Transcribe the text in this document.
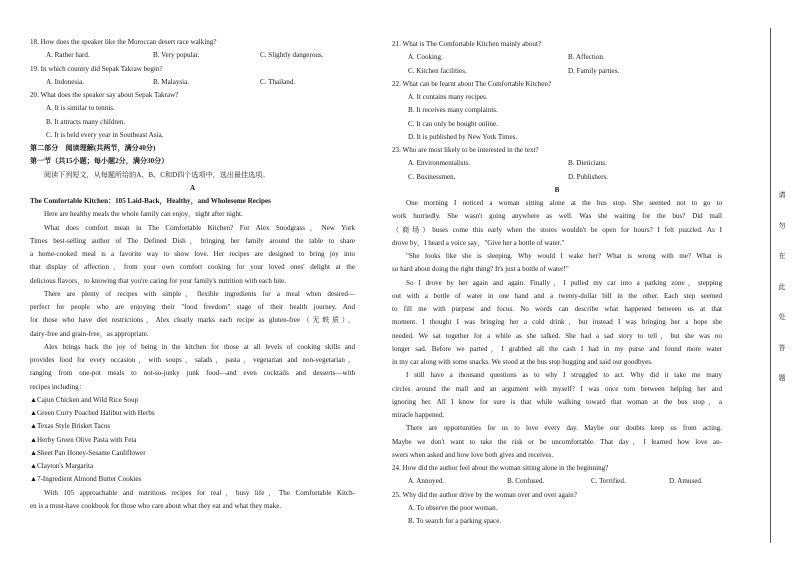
18. How does the speaker like the Moroccan desert race walking?
A. Rather hard.	B. Very popular.	C. Slightly dangerous.
19. In which country did Sepak Takraw begin?
A. Indonesia.	B. Malaysia.	C. Thailand.
20. What does the speaker say about Sepak Takraw?
A. It is similar to tennis.
B. It attracts many children.
C. It is held every year in Southeast Asia.
第二部分　阅读理解(共两节，满分40分)
第一节（共15小题；每小题2分，满分30分）
阅读下列短文，从每题所给的A、B、C和D四个选项中，选出最佳选项。
A
The Comfortable Kitchen：105 Laid-Back，Healthy，and Wholesome Recipes
Here are healthy meals the whole family can enjoy，night after night.
What does comfort mean in The Comfortable Kitchen? For Alex Snodgrass，New York
Times best-selling author of The Defined Dish，bringing her family around the table to share
a home-cooked meal is a favorite way to show love. Her recipes are designed to bring joy into
that display of affection，from your own comfort cooking for your loved ones' delight at the
delicious flavors，to knowing that you're caring for your family's nutrition with each bite.
There are plenty of recipes with simple，flexible ingredients for a meal when desired—
perfect for people who are enjoying their "food freedom" stage of their health journey. And
for those who have diet restrictions，Alex clearly marks each recipe as gluten-free（无麸质），
dairy-free and grain-free，as appropriate.
Alex brings back the joy of being in the kitchen for those at all levels of cooking skills and
provides food for every occasion，with soups，salads，pasta，vegetarian and non-vegetarian，
ranging from one-pot meals to not-so-junky junk food—and even cocktails and desserts—with
recipes including：
▲Cajun Chicken and Wild Rice Soup
▲Green Curry Poached Halibut with Herbs
▲Texas Style Brisket Tacos
▲Herby Green Olive Pasta with Feta
▲Sheet Pan Honey-Sesame Cauliflower
▲Clayton's Margarita
▲7-Ingredient Almond Butter Cookies
With 105 approachable and nutritious recipes for real，busy life，The Comfortable Kitch-
en is a must-have cookbook for those who care about what they eat and what they make.
21. What is The Comfortable Kitchen mainly about?
A. Cooking.	B. Affection.
C. Kitchen facilities.	D. Family parties.
22. What can be learnt about The Comfortable Kitchen?
A. It contains many recipes.
B. It receives many complaints.
C. It can only be bought online.
D. It is published by New York Times.
23. Who are most likely to be interested in the text?
A. Environmentalists.	B. Dieticians.
C. Businessmen.	D. Publishers.
B
One morning I noticed a woman sitting alone at the bus stop. She seemed not to go to
work hurriedly. She wasn't going anywhere as well. Was she waiting for the bus? Did mall
（商场）buses come this early when the stores wouldn't be open for hours? I felt puzzled. As I
drove by，I heard a voice say，"Give her a bottle of water."
"She looks like she is sleeping. Why would I wake her? What is wrong with me? What is
so hard about doing the right thing? It's just a bottle of water!"
So I drove by her again and again. Finally，I pulled my car into a parking zone，stepping
out with a bottle of water in one hand and a twenty-dollar bill in the other. Each step seemed
to fill me with purpose and focus. No words can describe what happened between us at that
moment. I thought I was bringing her a cold drink，but instead I was bringing her a hope she
needed. We sat together for a while as she talked. She had a sad story to tell，but she was no
longer sad. Before we parted，I grabbed all the cash I had in my purse and found more water
in my car along with some snacks. We stood at the bus stop hugging and said our goodbyes.
I still have a thousand questions as to why I struggled to act. Why did it take me many
circles around the mall and an argument with myself? I was once torn between helping her and
ignoring her. All I know for sure is that while walking toward that woman at the bus stop，a
miracle happened.
There are opportunities for us to love every day. Maybe our doubts keep us from acting.
Maybe we don't want to take the risk or be uncomfortable. That day，I learned how love an-
swers when asked and how love both gives and receives.
24. How did the author feel about the woman sitting alone in the beginning?
A. Annoyed.	B. Confused.	C. Terrified.	D. Amused.
25. Why did the author drive by the woman over and over again?
A. To observe the poor woman.
B. To search for a parking space.
请
勿
在
此
处
答
题
